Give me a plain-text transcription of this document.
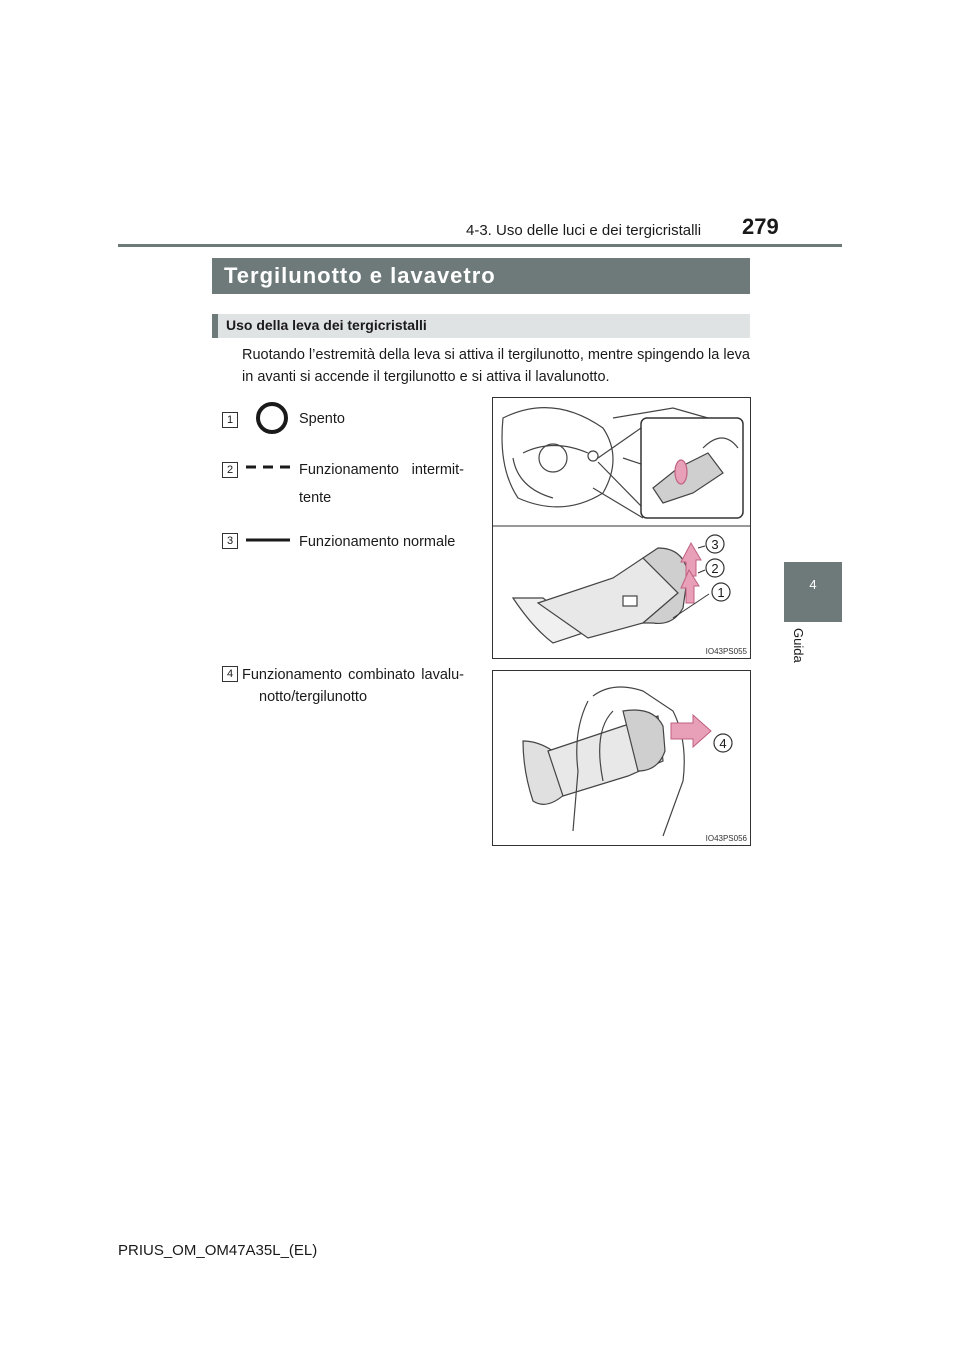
4-3. Uso delle luci e dei tergicristalli 279
4
Guida
Tergilunotto e lavavetro
Uso della leva dei tergicristalli
Ruotando l’estremità della leva si attiva il tergilunotto, mentre spingendo la leva in avanti si accende il tergilunotto e si attiva il lavalunotto.
1	Spento
2	Funzionamento intermit-
tente
3	Funzionamento normale
4 Funzionamento combinato lavalu-
notto/tergilunotto
3
2
1
IO43PS055
4
IO43PS056
PRIUS_OM_OM47A35L_(EL)
